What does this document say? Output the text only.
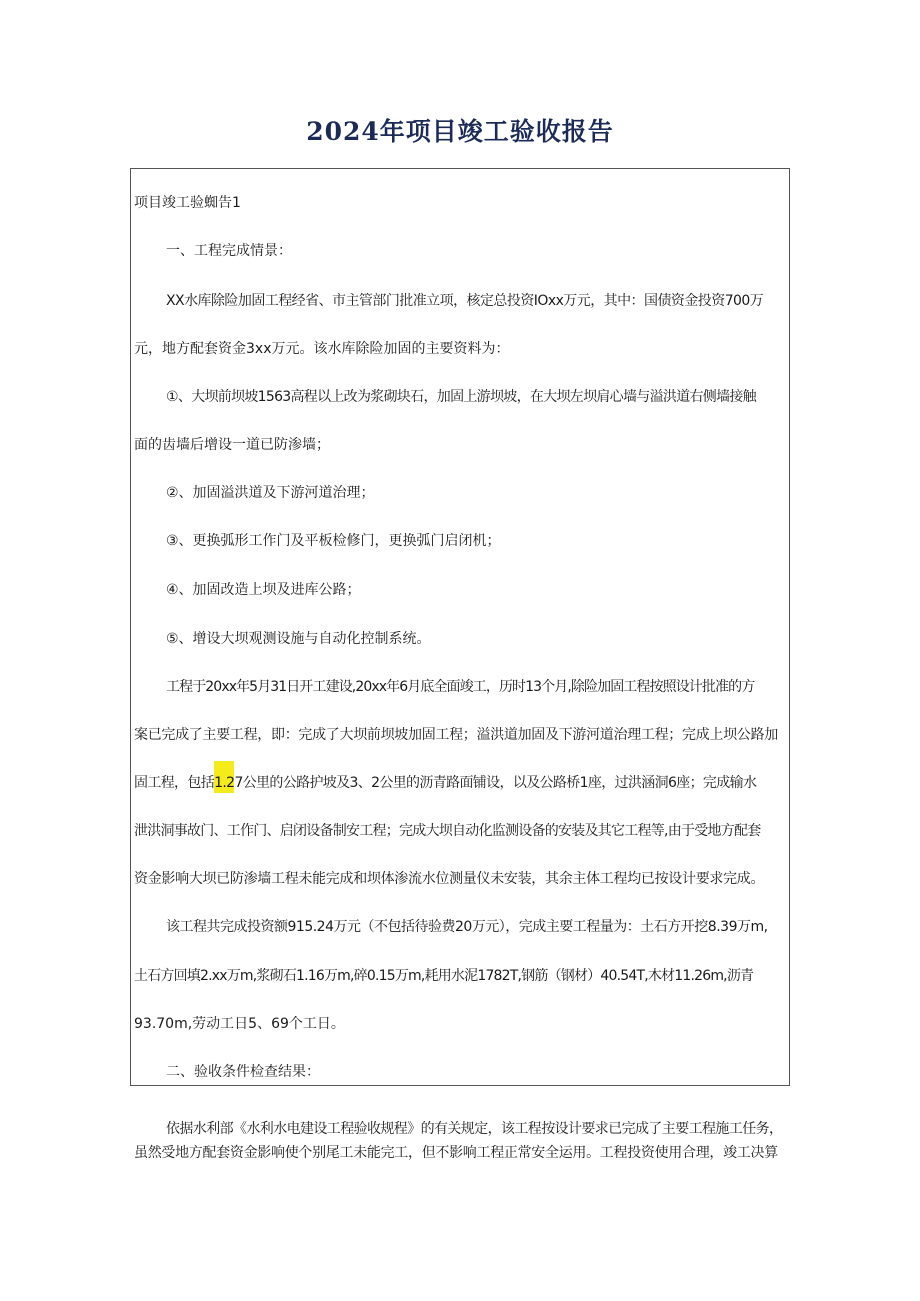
2024年项目竣工验收报告
项目竣工验蜘告1
一、工程完成情景：
XX水库除险加固工程经省、市主管部门批准立项，核定总投资IOxx万元，其中：国债资金投资700万
元，地方配套资金3xx万元。该水库除险加固的主要资料为：
①、大坝前坝坡1563高程以上改为浆砌块石，加固上游坝坡，在大坝左坝肩心墙与溢洪道右侧墙接触
面的齿墙后增设一道已防渗墙；
②、加固溢洪道及下游河道治理；
③、更换弧形工作门及平板检修门，更换弧门启闭机；
④、加固改造上坝及进库公路；
⑤、增设大坝观测设施与自动化控制系统。
工程于20xx年5月31日开工建设,20xx年6月底全面竣工，历时13个月,除险加固工程按照设计批准的方
案已完成了主要工程，即：完成了大坝前坝坡加固工程；溢洪道加固及下游河道治理工程；完成上坝公路加
固工程，包括1.27公里的公路护坡及3、2公里的沥青路面铺设，以及公路桥1座，过洪涵洞6座；完成输水
泄洪洞事故门、工作门、启闭设备制安工程；完成大坝自动化监测设备的安装及其它工程等,由于受地方配套
资金影响大坝已防渗墙工程未能完成和坝体渗流水位测量仪未安装，其余主体工程均已按设计要求完成。
该工程共完成投资额915.24万元（不包括待验费20万元），完成主要工程量为：土石方开挖8.39万m,
土石方回填2.xx万m,浆砌石1.16万m,碎0.15万m,耗用水泥1782T,钢筋（钢材）40.54T,木材11.26m,沥青
93.70m,劳动工日5、69个工日。
二、验收条件检查结果：
依据水利部《水利水电建设工程验收规程》的有关规定，该工程按设计要求已完成了主要工程施工任务，
虽然受地方配套资金影响使个别尾工未能完工，但不影响工程正常安全运用。工程投资使用合理，竣工决算
